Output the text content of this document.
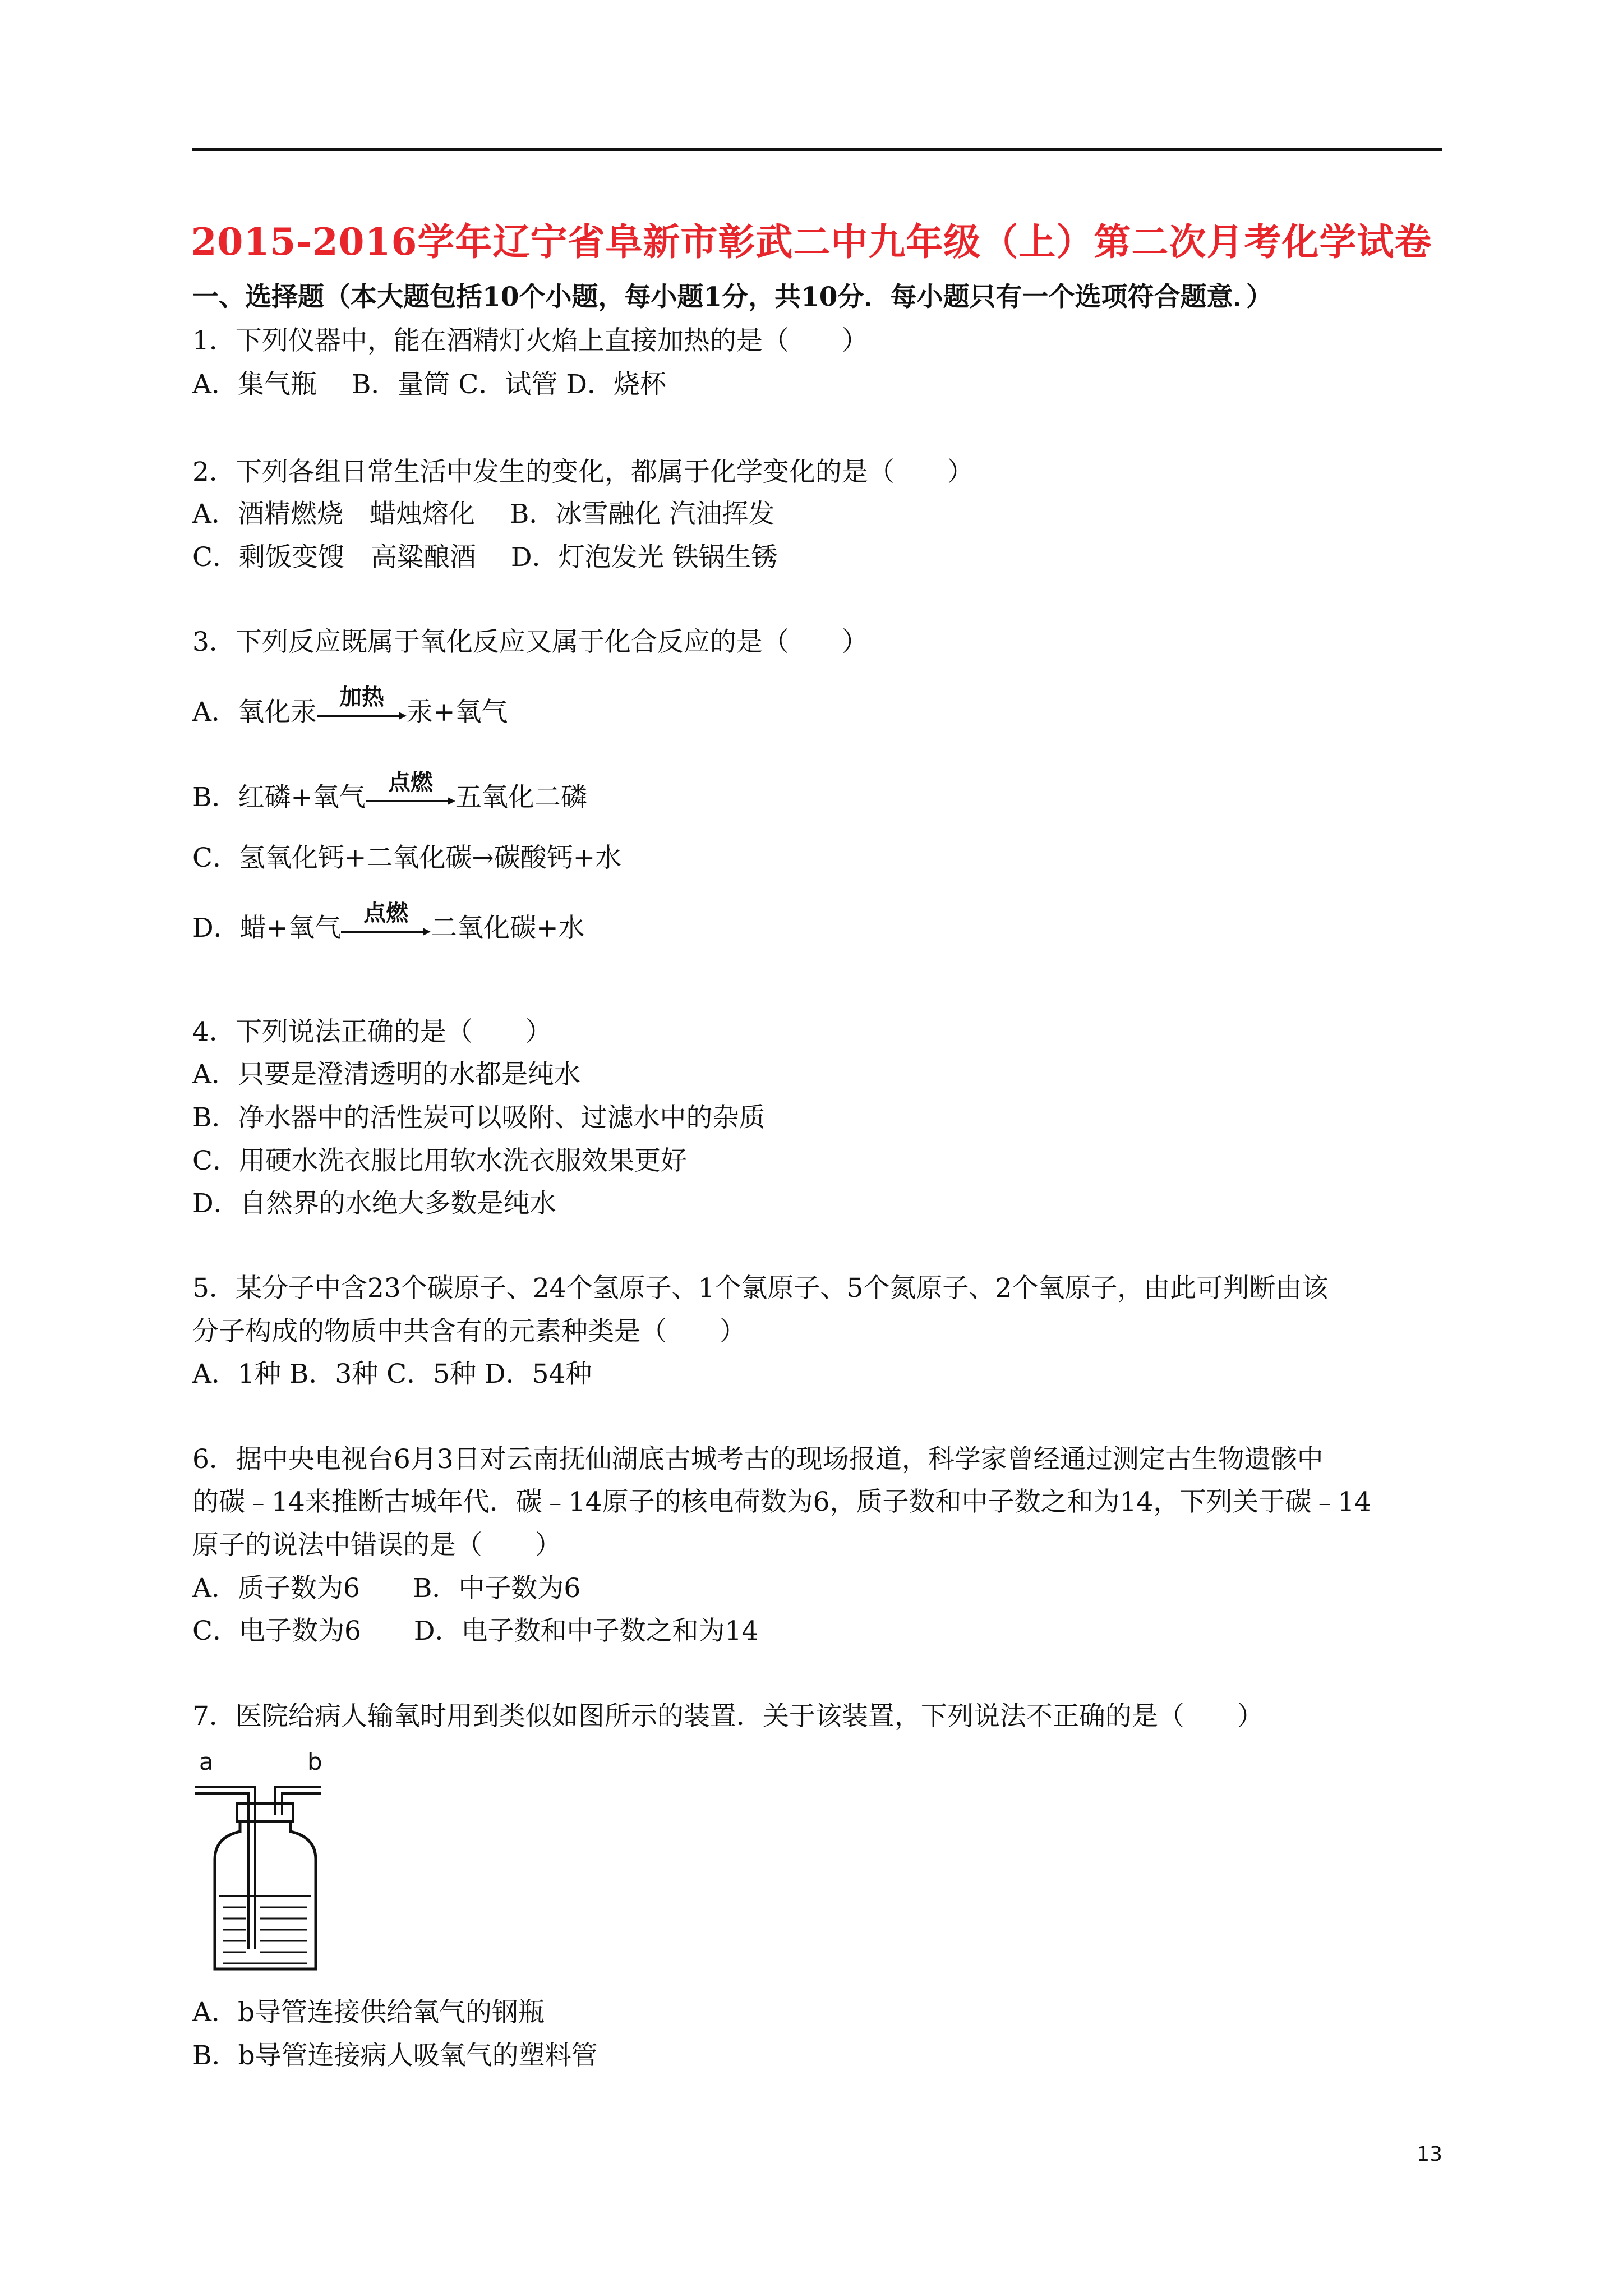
2015-2016学年辽宁省阜新市彰武二中九年级（上）第二次月考化学试卷
一、选择题（本大题包括10个小题，每小题1分，共10分．每小题只有一个选项符合题意．）
1．下列仪器中，能在酒精灯火焰上直接加热的是（　　）
A．集气瓶　 B．量筒 C．试管 D．烧杯
2．下列各组日常生活中发生的变化，都属于化学变化的是（　　）
A．酒精燃烧　蜡烛熔化　 B．冰雪融化 汽油挥发
C．剩饭变馊　高粱酿酒　 D．灯泡发光 铁锅生锈
3．下列反应既属于氧化反应又属于化合反应的是（　　）
A．氧化汞	加热 汞+氧气
B．红磷+氧气	点燃 五氧化二磷
C．氢氧化钙+二氧化碳→碳酸钙+水
D．蜡+氧气	点燃 二氧化碳+水
4．下列说法正确的是（　　）
A．只要是澄清透明的水都是纯水
B．净水器中的活性炭可以吸附、过滤水中的杂质
C．用硬水洗衣服比用软水洗衣服效果更好
D．自然界的水绝大多数是纯水
5．某分子中含23个碳原子、24个氢原子、1个氯原子、5个氮原子、2个氧原子，由此可判断由该
分子构成的物质中共含有的元素种类是（　　）
A．1种 B．3种 C．5种 D．54种
6．据中央电视台6月3日对云南抚仙湖底古城考古的现场报道，科学家曾经通过测定古生物遗骸中
的碳﹣14来推断古城年代．碳﹣14原子的核电荷数为6，质子数和中子数之和为14，下列关于碳﹣14
原子的说法中错误的是（　　）
A．质子数为6　　B．中子数为6
C．电子数为6　　D．电子数和中子数之和为14
7．医院给病人输氧时用到类似如图所示的装置．关于该装置，下列说法不正确的是（　　）
a	b
A．b导管连接供给氧气的钢瓶
B．b导管连接病人吸氧气的塑料管
13
